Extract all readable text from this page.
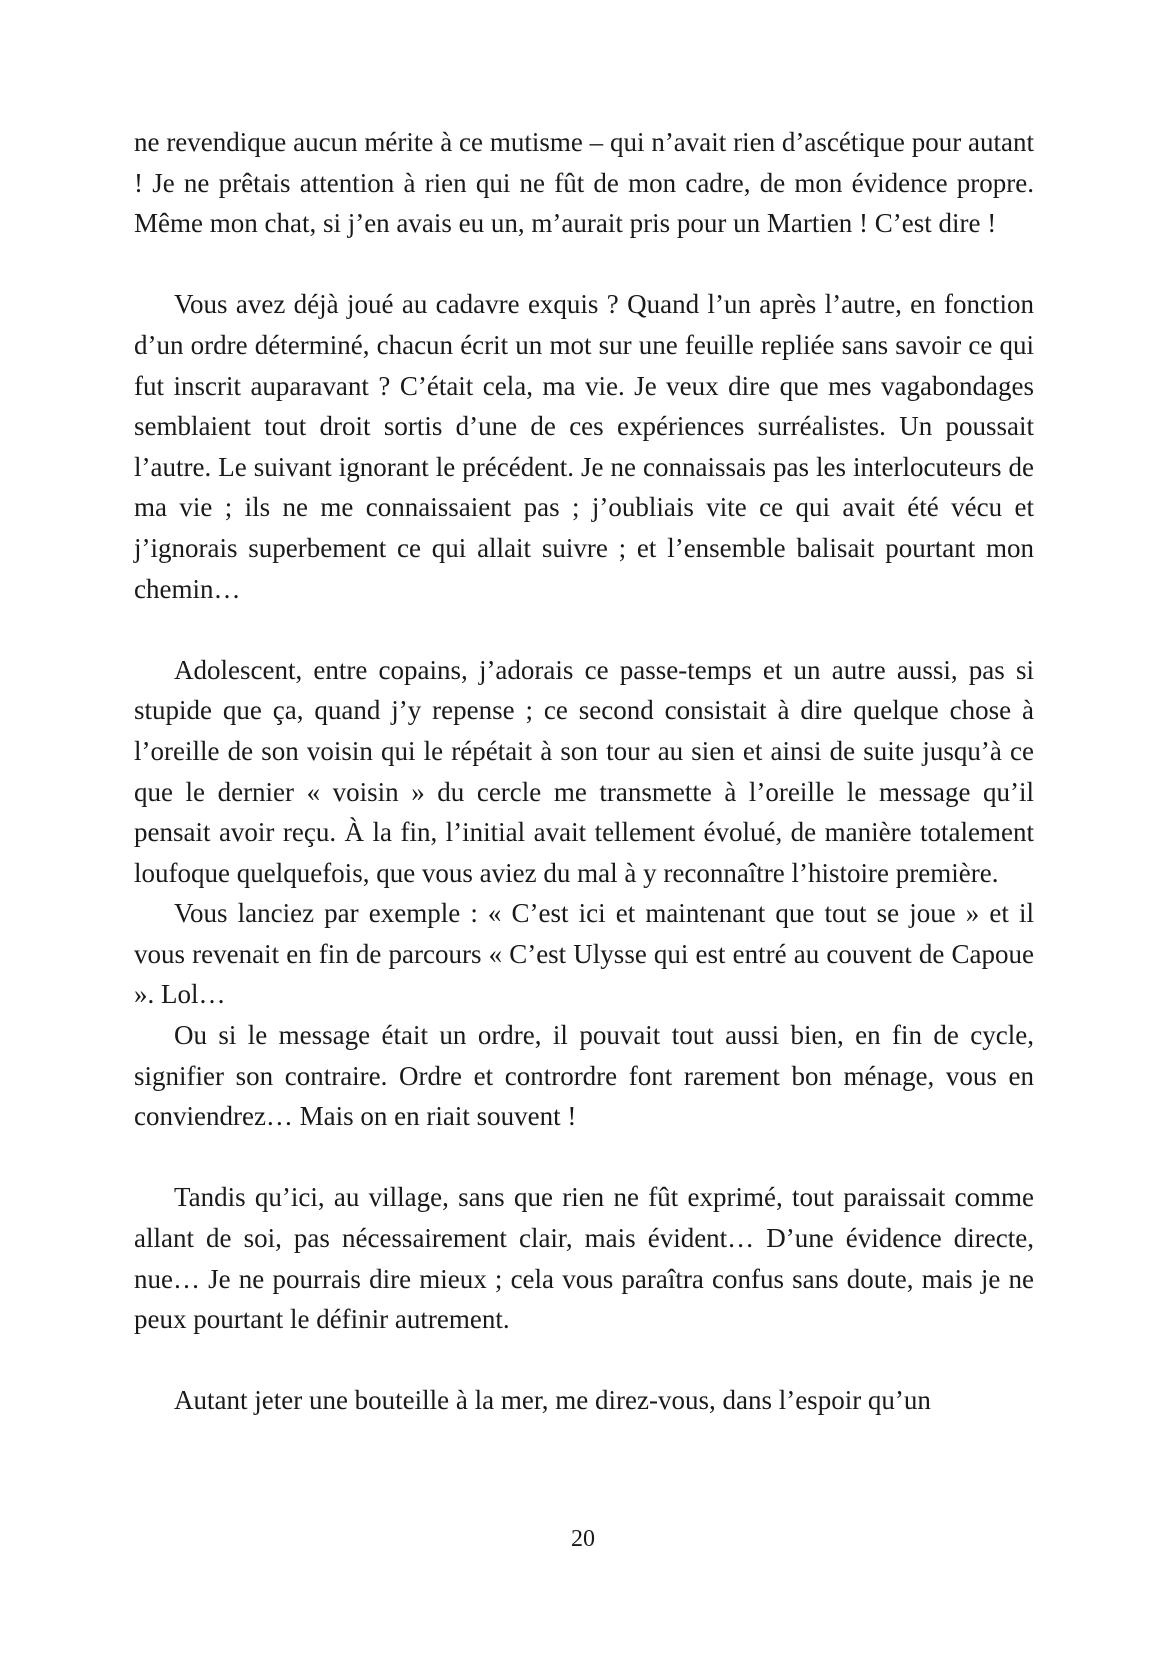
ne revendique aucun mérite à ce mutisme – qui n’avait rien d’ascétique pour autant ! Je ne prêtais attention à rien qui ne fût de mon cadre, de mon évidence propre. Même mon chat, si j’en avais eu un, m’aurait pris pour un Martien ! C’est dire !

Vous avez déjà joué au cadavre exquis ? Quand l’un après l’autre, en fonction d’un ordre déterminé, chacun écrit un mot sur une feuille repliée sans savoir ce qui fut inscrit auparavant ? C’était cela, ma vie. Je veux dire que mes vagabondages semblaient tout droit sortis d’une de ces expériences surréalistes. Un poussait l’autre. Le suivant ignorant le précédent. Je ne connaissais pas les interlocuteurs de ma vie ; ils ne me connaissaient pas ; j’oubliais vite ce qui avait été vécu et j’ignorais superbement ce qui allait suivre ; et l’ensemble balisait pourtant mon chemin…

Adolescent, entre copains, j’adorais ce passe-temps et un autre aussi, pas si stupide que ça, quand j’y repense ; ce second consistait à dire quelque chose à l’oreille de son voisin qui le répétait à son tour au sien et ainsi de suite jusqu’à ce que le dernier « voisin » du cercle me transmette à l’oreille le message qu’il pensait avoir reçu. À la fin, l’initial avait tellement évolué, de manière totalement loufoque quelquefois, que vous aviez du mal à y reconnaître l’histoire première.

Vous lanciez par exemple : « C’est ici et maintenant que tout se joue » et il vous revenait en fin de parcours « C’est Ulysse qui est entré au couvent de Capoue ». Lol…

Ou si le message était un ordre, il pouvait tout aussi bien, en fin de cycle, signifier son contraire. Ordre et contrordre font rarement bon ménage, vous en conviendrez… Mais on en riait souvent !

Tandis qu’ici, au village, sans que rien ne fût exprimé, tout paraissait comme allant de soi, pas nécessairement clair, mais évident… D’une évidence directe, nue… Je ne pourrais dire mieux ; cela vous paraîtra confus sans doute, mais je ne peux pourtant le définir autrement.

Autant jeter une bouteille à la mer, me direz-vous, dans l’espoir qu’un

20
